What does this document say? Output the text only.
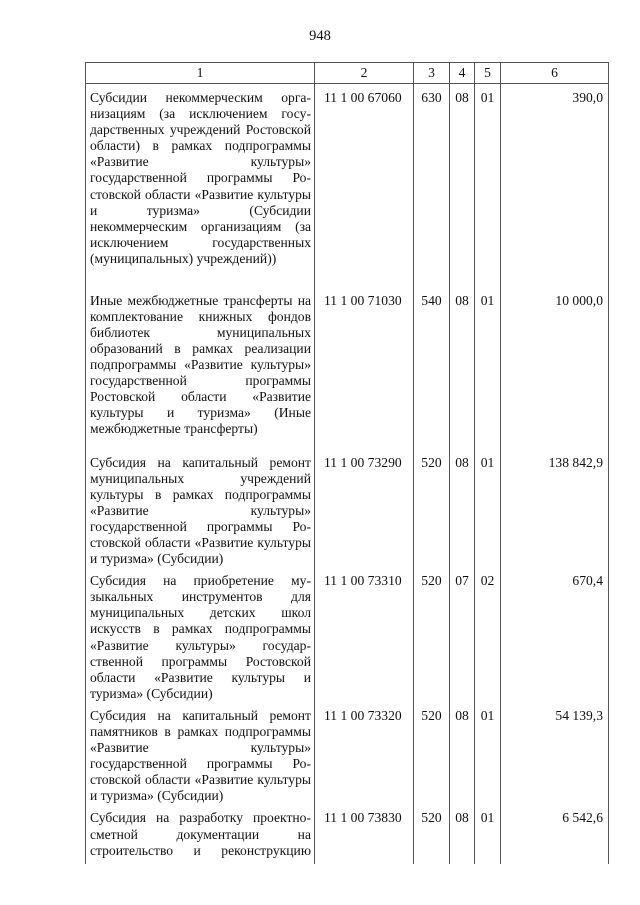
948
1	2	3	4	5	6
Субсидии некоммерческим организациям (за исключением государственных учреждений Ростовской области) в рамках подпрограммы «Развитие культуры» государственной программы Ростовской области «Развитие культуры и туризма» (Субсидии некоммерческим организациям (за исключением государственных (муниципальных) учреждений))	11 1 00 67060	630	08	01	390,0
Иные межбюджетные трансферты на комплектование книжных фондов библиотек муниципальных образований в рамках реализации подпрограммы «Развитие культуры» государственной программы Ростовской области «Развитие культуры и туризма» (Иные межбюджетные трансферты)	11 1 00 71030	540	08	01	10 000,0
Субсидия на капитальный ремонт муниципальных учреждений культуры в рамках подпрограммы «Развитие культуры» государственной программы Ростовской области «Развитие культуры и туризма» (Субсидии)	11 1 00 73290	520	08	01	138 842,9
Субсидия на приобретение музыкальных инструментов для муниципальных детских школ искусств в рамках подпрограммы «Развитие культуры» государственной программы Ростовской области «Развитие культуры и туризма» (Субсидии)	11 1 00 73310	520	07	02	670,4
Субсидия на капитальный ремонт памятников в рамках подпрограммы «Развитие культуры» государственной программы Ростовской области «Развитие культуры и туризма» (Субсидии)	11 1 00 73320	520	08	01	54 139,3
Субсидия на разработку проектно-сметной документации на строительство и реконструкцию	11 1 00 73830	520	08	01	6 542,6
